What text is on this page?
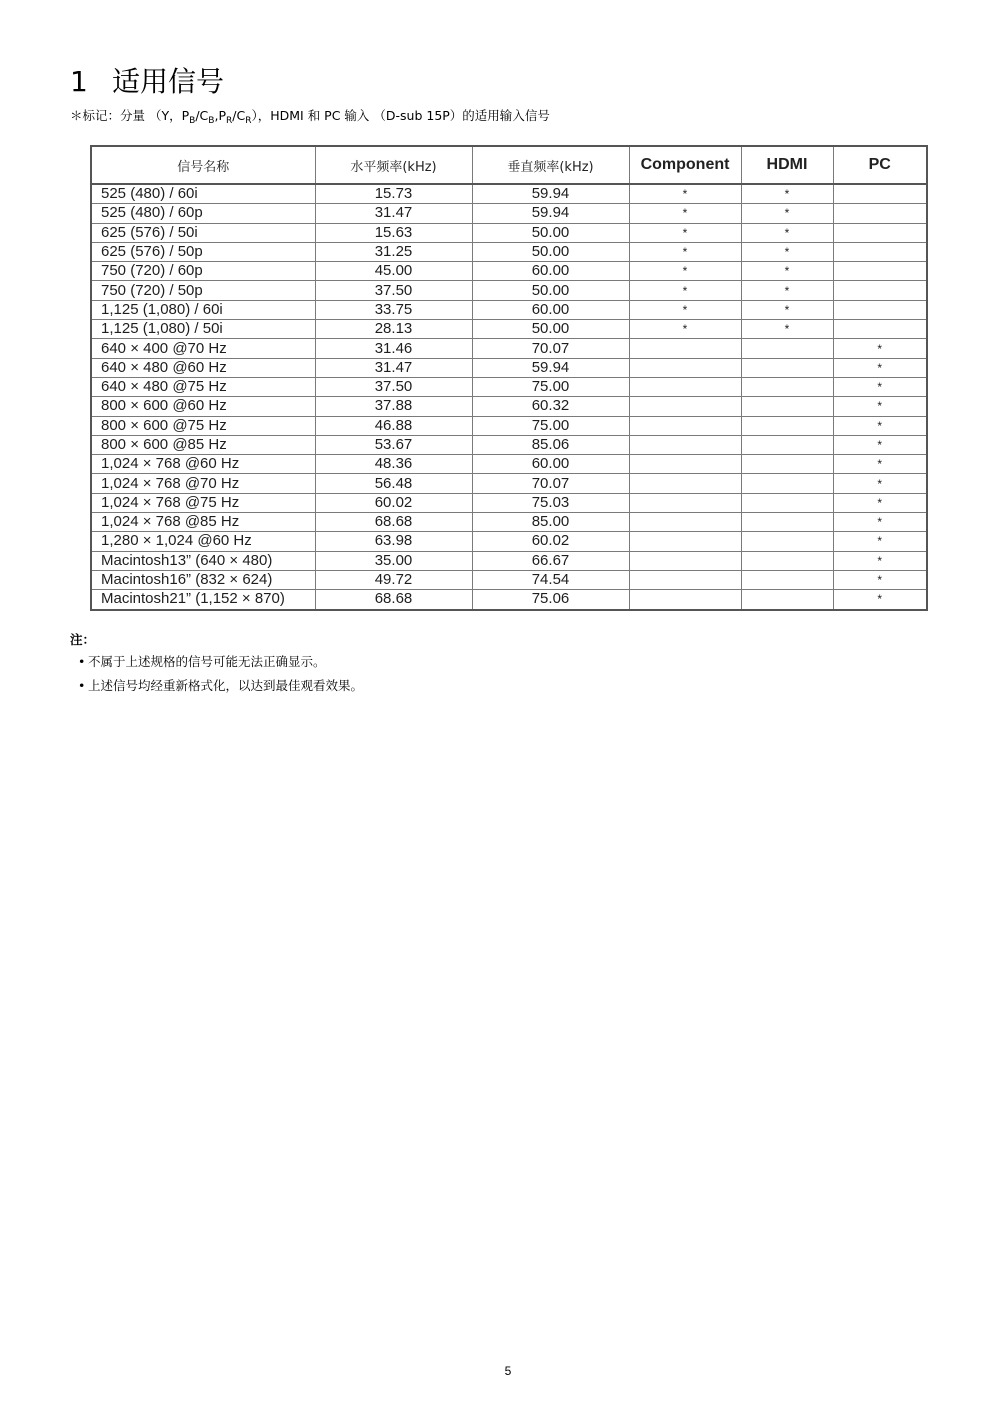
1 适用信号
＊标记：分量 （Y，$P_B/C_B,P_R/C_R$），HDMI 和 PC 输入 （D-sub 15P）的适用输入信号
信号名称	水平频率(kHz)	垂直频率(kHz)	Component	HDMI	PC
525 (480) / 60i	15.73	59.94	*	*	
525 (480) / 60p	31.47	59.94	*	*	
625 (576) / 50i	15.63	50.00	*	*	
625 (576) / 50p	31.25	50.00	*	*	
750 (720) / 60p	45.00	60.00	*	*	
750 (720) / 50p	37.50	50.00	*	*	
1,125 (1,080) / 60i	33.75	60.00	*	*	
1,125 (1,080) / 50i	28.13	50.00	*	*	
640 × 400 @70 Hz	31.46	70.07			*
640 × 480 @60 Hz	31.47	59.94			*
640 × 480 @75 Hz	37.50	75.00			*
800 × 600 @60 Hz	37.88	60.32			*
800 × 600 @75 Hz	46.88	75.00			*
800 × 600 @85 Hz	53.67	85.06			*
1,024 × 768 @60 Hz	48.36	60.00			*
1,024 × 768 @70 Hz	56.48	70.07			*
1,024 × 768 @75 Hz	60.02	75.03			*
1,024 × 768 @85 Hz	68.68	85.00			*
1,280 × 1,024 @60 Hz	63.98	60.02			*
Macintosh13” (640 × 480)	35.00	66.67			*
Macintosh16” (832 × 624)	49.72	74.54			*
Macintosh21” (1,152 × 870)	68.68	75.06			*
注：
• 不属于上述规格的信号可能无法正确显示。
• 上述信号均经重新格式化，以达到最佳观看效果。
5
